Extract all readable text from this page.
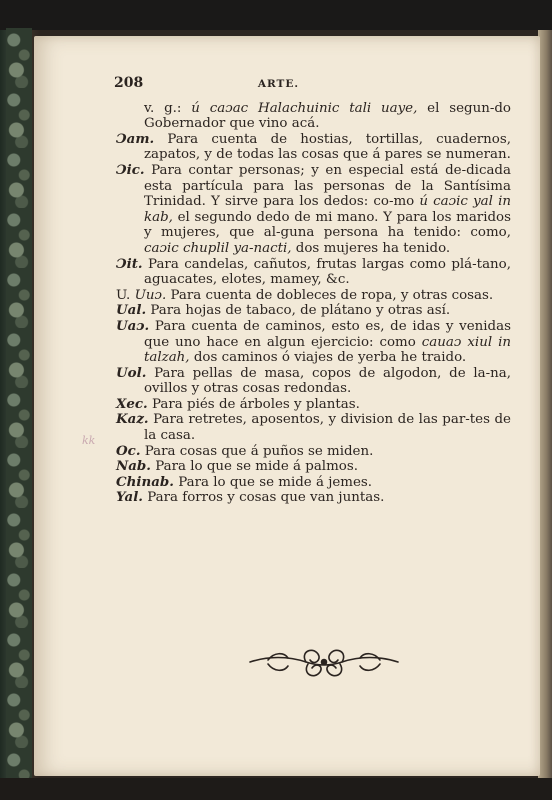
kk
208	ARTE.

v. g.: ú caɔac Halachuinic tali uaye, el segun-do Gobernador que vino acá.

Ɔam. Para cuenta de hostias, tortillas, cuadernos, zapatos, y de todas las cosas que á pares se numeran.

Ɔic. Para contar personas; y en especial está de-dicada esta partícula para las personas de la Santísima Trinidad. Y sirve para los dedos: co-mo ú caɔic yal in kab, el segundo dedo de mi mano. Y para los maridos y mujeres, que al-guna persona ha tenido: como, caɔic chuplil ya-nacti, dos mujeres ha tenido.

Ɔit. Para candelas, cañutos, frutas largas como plá-tano, aguacates, elotes, mamey, &c.

U. Uuɔ. Para cuenta de dobleces de ropa, y otras cosas.

Ual. Para hojas de tabaco, de plátano y otras así.

Uaɔ. Para cuenta de caminos, esto es, de idas y venidas que uno hace en algun ejercicio: como cauaɔ xiul in talzah, dos caminos ó viajes de yerba he traido.

Uol. Para pellas de masa, copos de algodon, de la-na, ovillos y otras cosas redondas.

Xec. Para piés de árboles y plantas.

Kaz. Para retretes, aposentos, y division de las par-tes de la casa.

Oc. Para cosas que á puños se miden.

Nab. Para lo que se mide á palmos.

Chinab. Para lo que se mide á jemes.

Yal. Para forros y cosas que van juntas.
